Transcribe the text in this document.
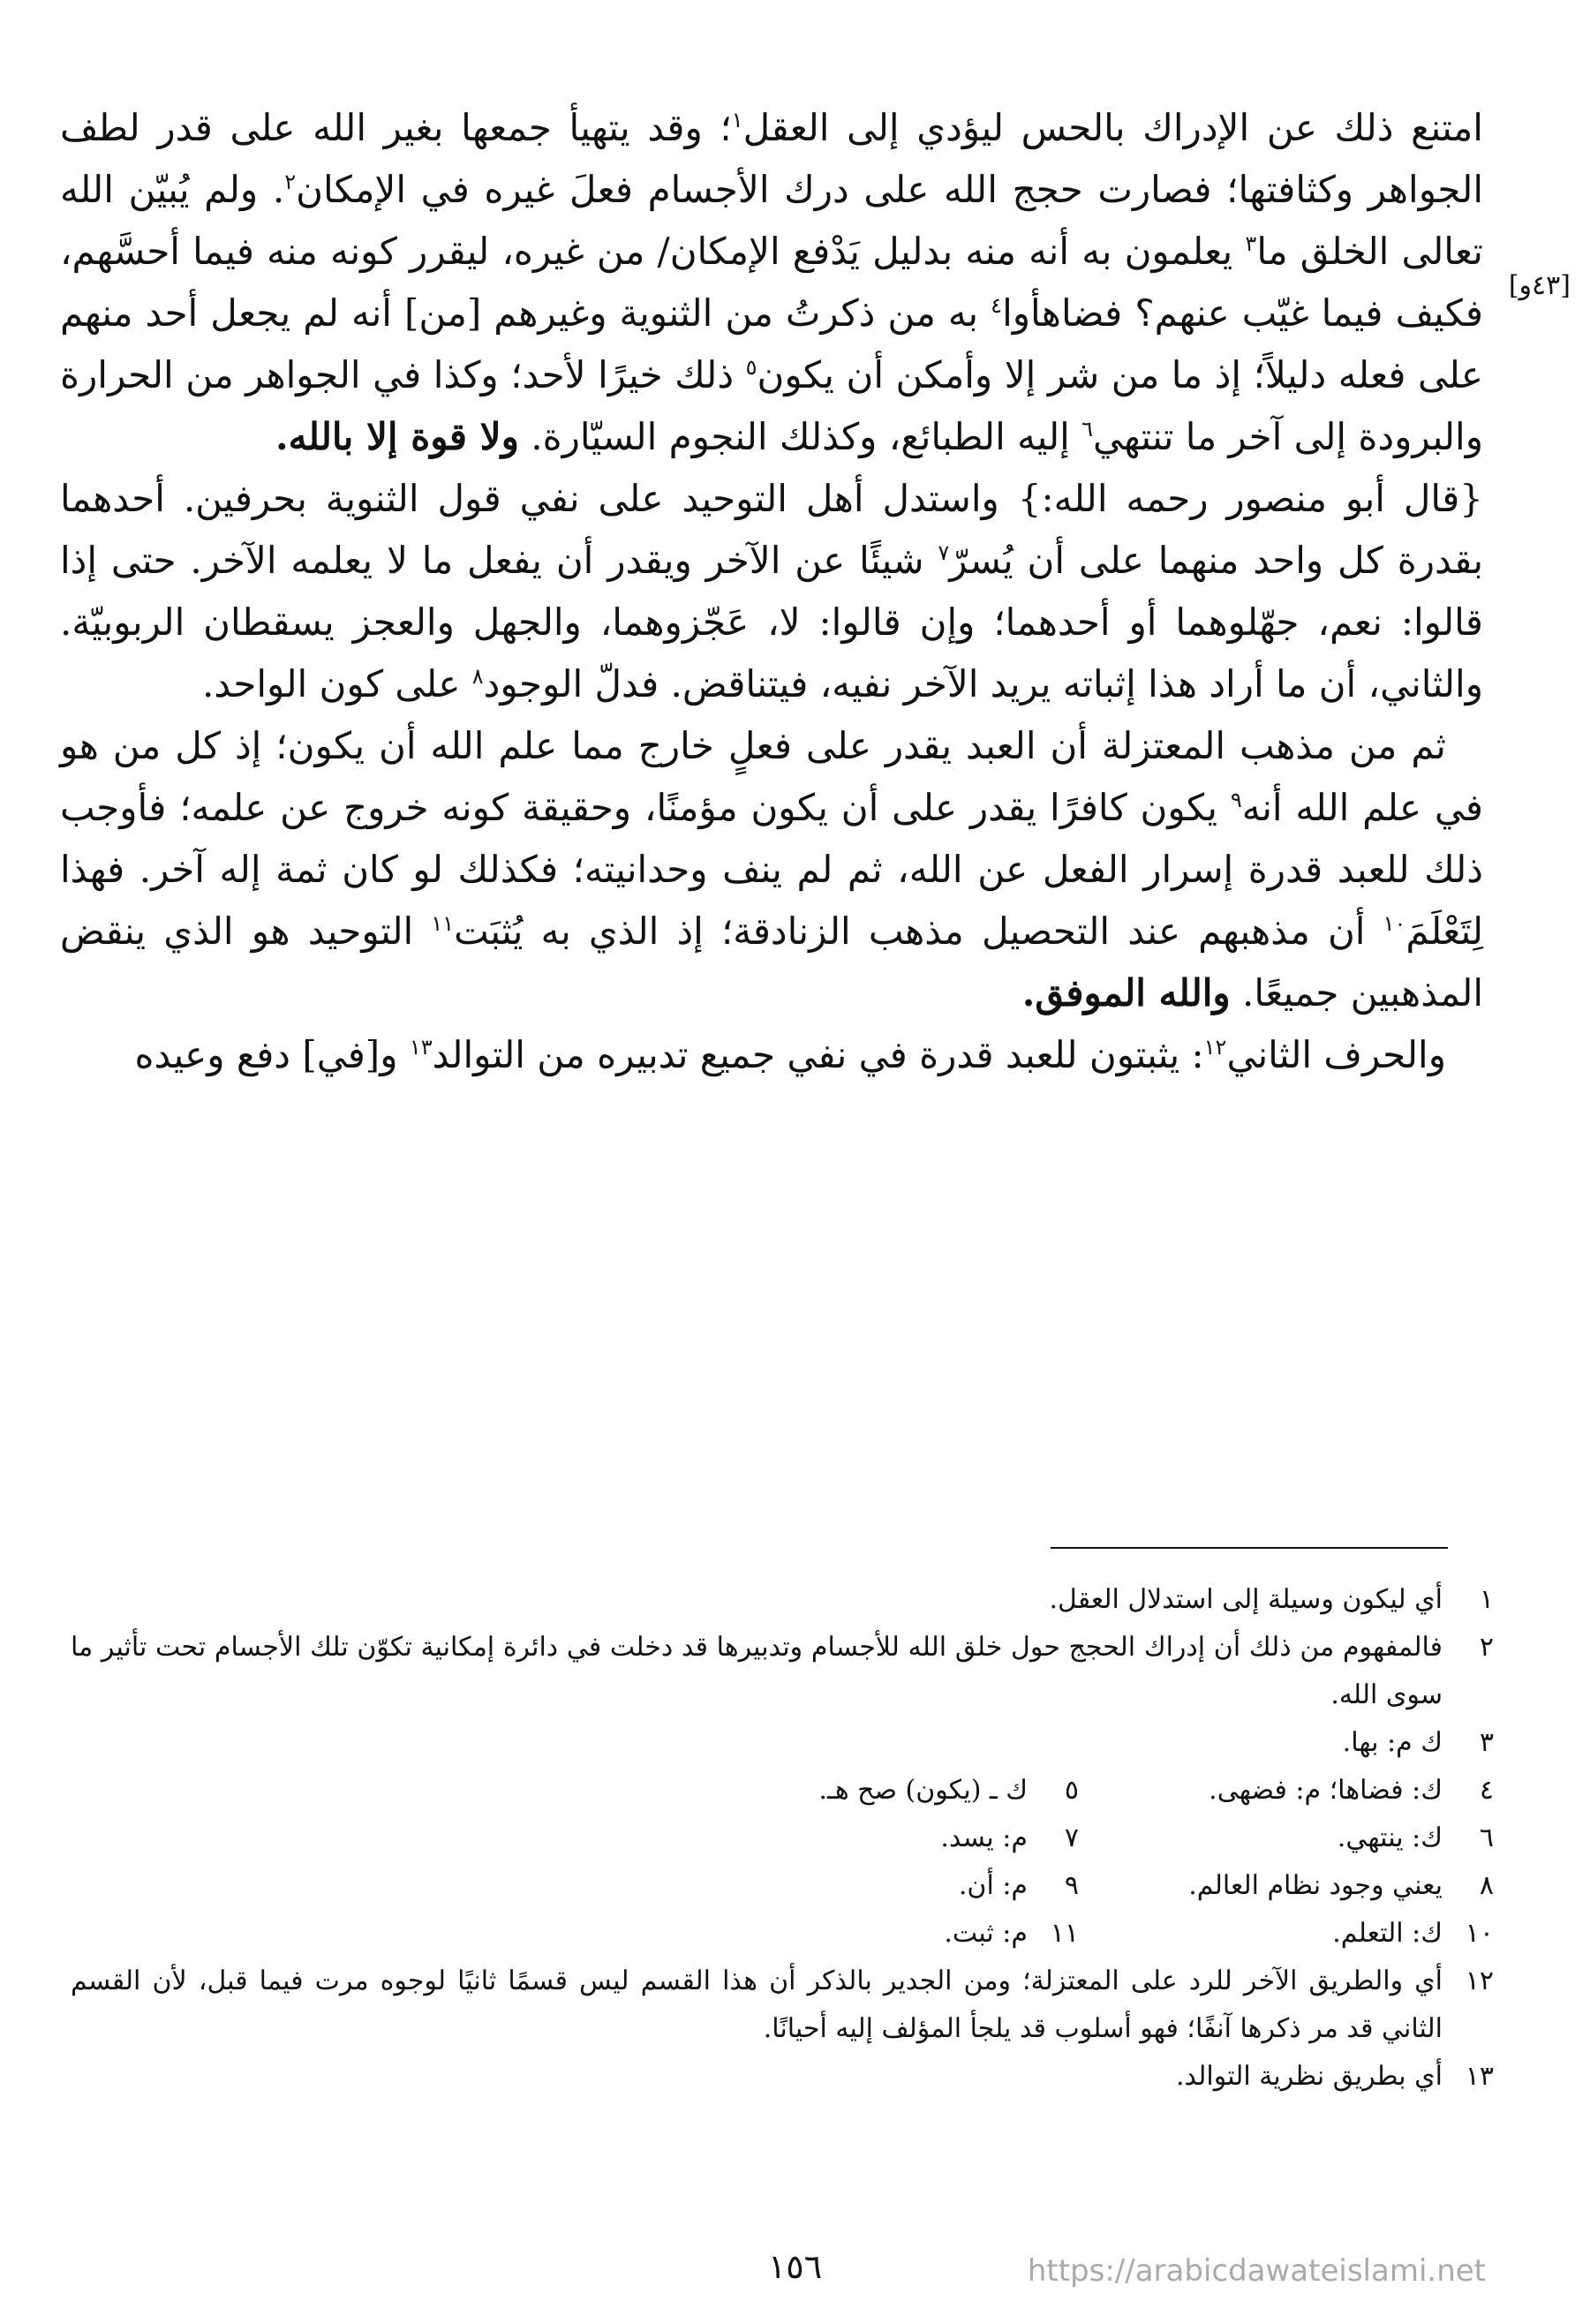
[٤٣و]

امتنع ذلك عن الإدراك بالحس ليؤدي إلى العقل$^١$؛ وقد يتهيأ جمعها بغير الله على قدر لطف الجواهر وكثافتها؛ فصارت حجج الله على درك الأجسام فعلَ غيره في الإمكان$^٢$. ولم يُبيّن الله تعالى الخلق ما$^٣$ يعلمون به أنه منه بدليل يَدْفع الإمكان/ من غيره، ليقرر كونه منه فيما أحسَّهم، فكيف فيما غيّب عنهم؟ فضاهأوا$^٤$ به من ذكرتُ من الثنوية وغيرهم [من] أنه لم يجعل أحد منهم على فعله دليلاً؛ إذ ما من شر إلا وأمكن أن يكون$^٥$ ذلك خيرًا لأحد؛ وكذا في الجواهر من الحرارة والبرودة إلى آخر ما تنتهي$^٦$ إليه الطبائع، وكذلك النجوم السيّارة. ولا قوة إلا بالله.

{قال أبو منصور رحمه الله:} واستدل أهل التوحيد على نفي قول الثنوية بحرفين. أحدهما بقدرة كل واحد منهما على أن يُسرّ$^٧$ شيئًا عن الآخر ويقدر أن يفعل ما لا يعلمه الآخر. حتى إذا قالوا: نعم، جهّلوهما أو أحدهما؛ وإن قالوا: لا، عَجّزوهما، والجهل والعجز يسقطان الربوبيّة. والثاني، أن ما أراد هذا إثباته يريد الآخر نفيه، فيتناقض. فدلّ الوجود$^٨$ على كون الواحد.

ثم من مذهب المعتزلة أن العبد يقدر على فعلٍ خارج مما علم الله أن يكون؛ إذ كل من هو في علم الله أنه$^٩$ يكون كافرًا يقدر على أن يكون مؤمنًا، وحقيقة كونه خروج عن علمه؛ فأوجب ذلك للعبد قدرة إسرار الفعل عن الله، ثم لم ينف وحدانيته؛ فكذلك لو كان ثمة إله آخر. فهذا لِتَعْلَمَ$^{١٠}$ أن مذهبهم عند التحصيل مذهب الزنادقة؛ إذ الذي به يُثبَت$^{١١}$ التوحيد هو الذي ينقض المذهبين جميعًا. والله الموفق.

والحرف الثاني$^{١٢}$: يثبتون للعبد قدرة في نفي جميع تدبيره من التوالد$^{١٣}$ و[في] دفع وعيده

١
أي ليكون وسيلة إلى استدلال العقل.
٢
فالمفهوم من ذلك أن إدراك الحجج حول خلق الله للأجسام وتدبيرها قد دخلت في دائرة إمكانية تكوّن تلك الأجسام تحت تأثير ما سوى الله.
٣
ك م: بها.
٤
ك: فضاها؛ م: فضهى.
٥
ك ـ (يكون) صح هـ.
٦
ك: ينتهي.
٧
م: يسد.
٨
يعني وجود نظام العالم.
٩
م: أن.
١٠
ك: التعلم.
١١
م: ثبت.
١٢
أي والطريق الآخر للرد على المعتزلة؛ ومن الجدير بالذكر أن هذا القسم ليس قسمًا ثانيًا لوجوه مرت فيما قبل، لأن القسم الثاني قد مر ذكرها آنفًا؛ فهو أسلوب قد يلجأ المؤلف إليه أحيانًا.
١٣
أي بطريق نظرية التوالد.
١٥٦	https://arabicdawateislami.net
